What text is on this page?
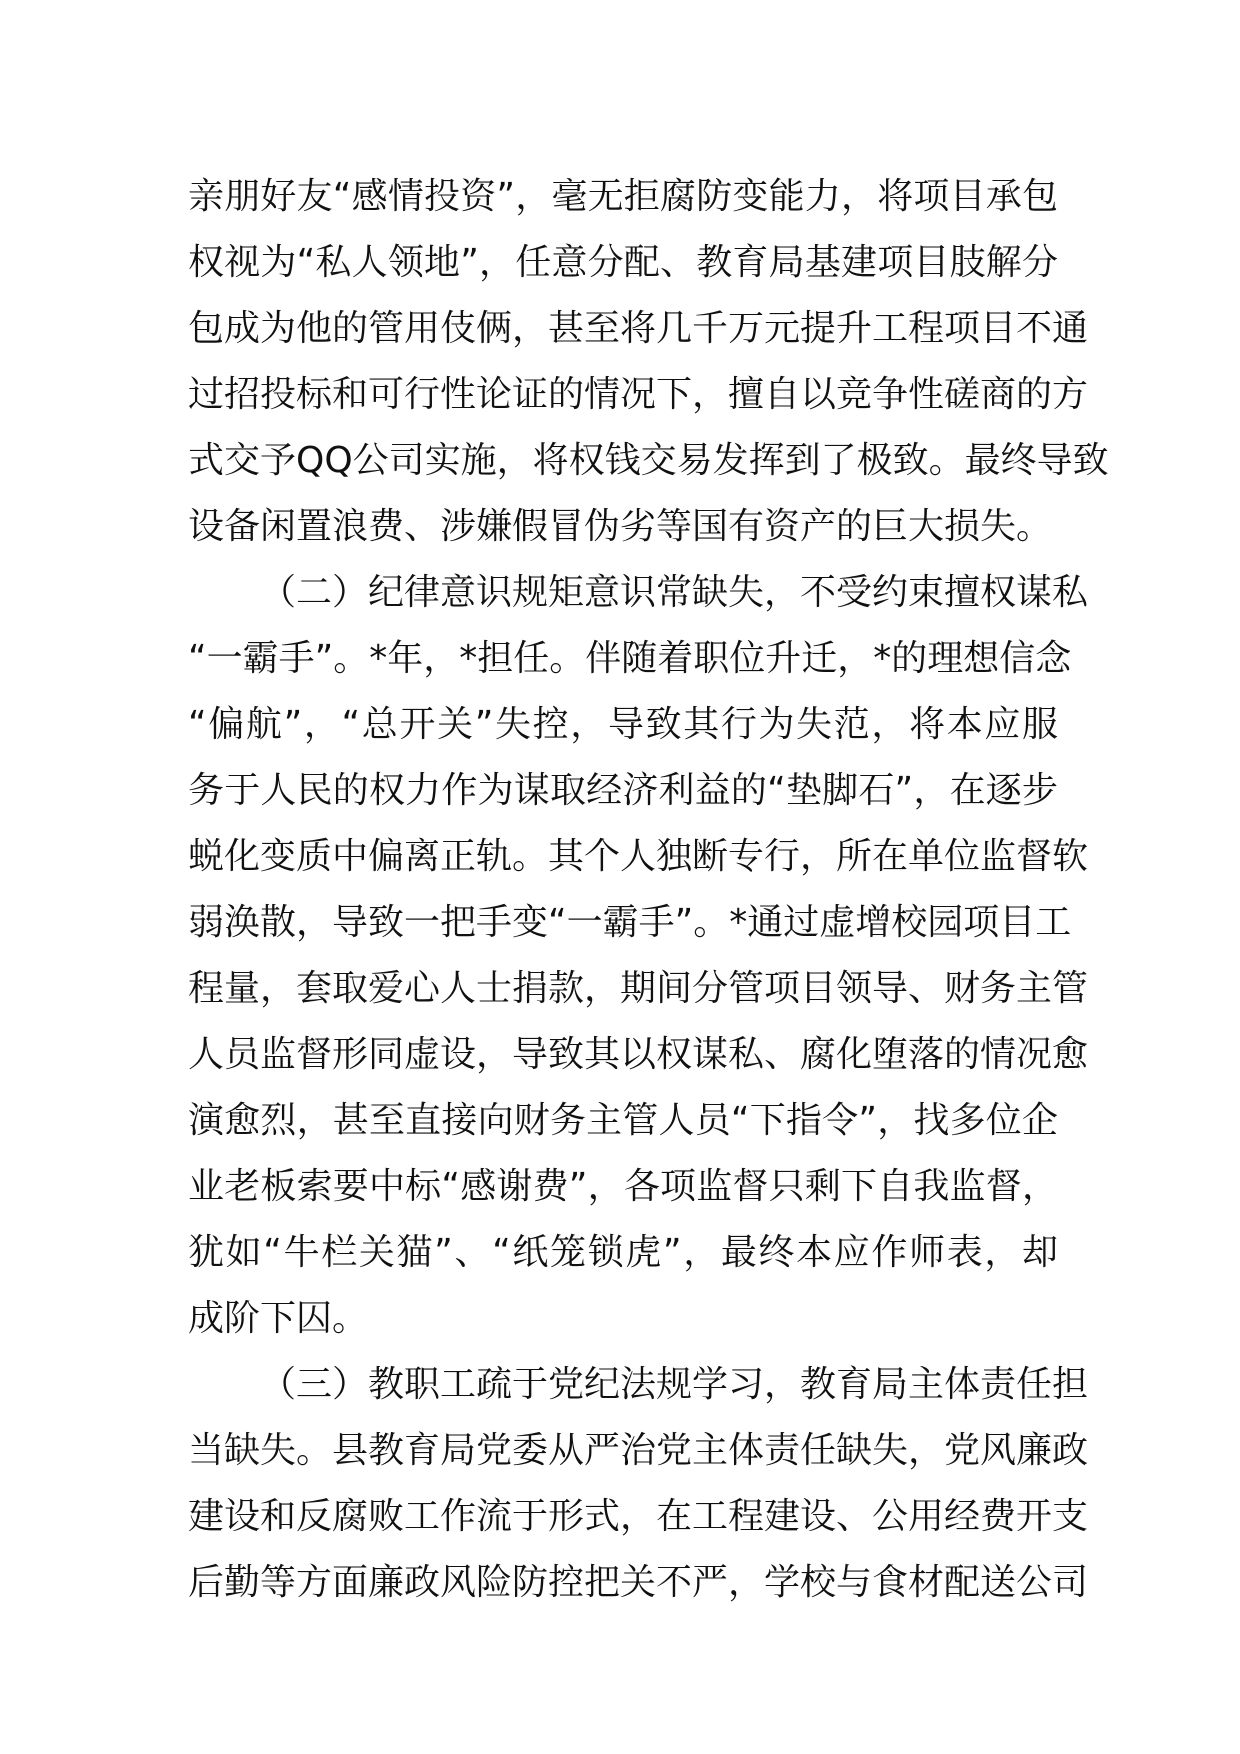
亲朋好友“感情投资”，毫无拒腐防变能力，将项目承包
权视为“私人领地”，任意分配、教育局基建项目肢解分
包成为他的管用伎俩，甚至将几千万元提升工程项目不通
过招投标和可行性论证的情况下，擅自以竞争性磋商的方
式交予QQ公司实施，将权钱交易发挥到了极致。最终导致
设备闲置浪费、涉嫌假冒伪劣等国有资产的巨大损失。
（二）纪律意识规矩意识常缺失，不受约束擅权谋私
“一霸手”。*年，*担任。伴随着职位升迁，*的理想信念
“偏航”，“总开关”失控，导致其行为失范，将本应服
务于人民的权力作为谋取经济利益的“垫脚石”，在逐步
蜕化变质中偏离正轨。其个人独断专行，所在单位监督软
弱涣散，导致一把手变“一霸手”。*通过虚增校园项目工
程量，套取爱心人士捐款，期间分管项目领导、财务主管
人员监督形同虚设，导致其以权谋私、腐化堕落的情况愈
演愈烈，甚至直接向财务主管人员“下指令”，找多位企
业老板索要中标“感谢费”，各项监督只剩下自我监督，
犹如“牛栏关猫”、“纸笼锁虎”，最终本应作师表，却
成阶下囚。
（三）教职工疏于党纪法规学习，教育局主体责任担
当缺失。县教育局党委从严治党主体责任缺失，党风廉政
建设和反腐败工作流于形式，在工程建设、公用经费开支
后勤等方面廉政风险防控把关不严，学校与食材配送公司
